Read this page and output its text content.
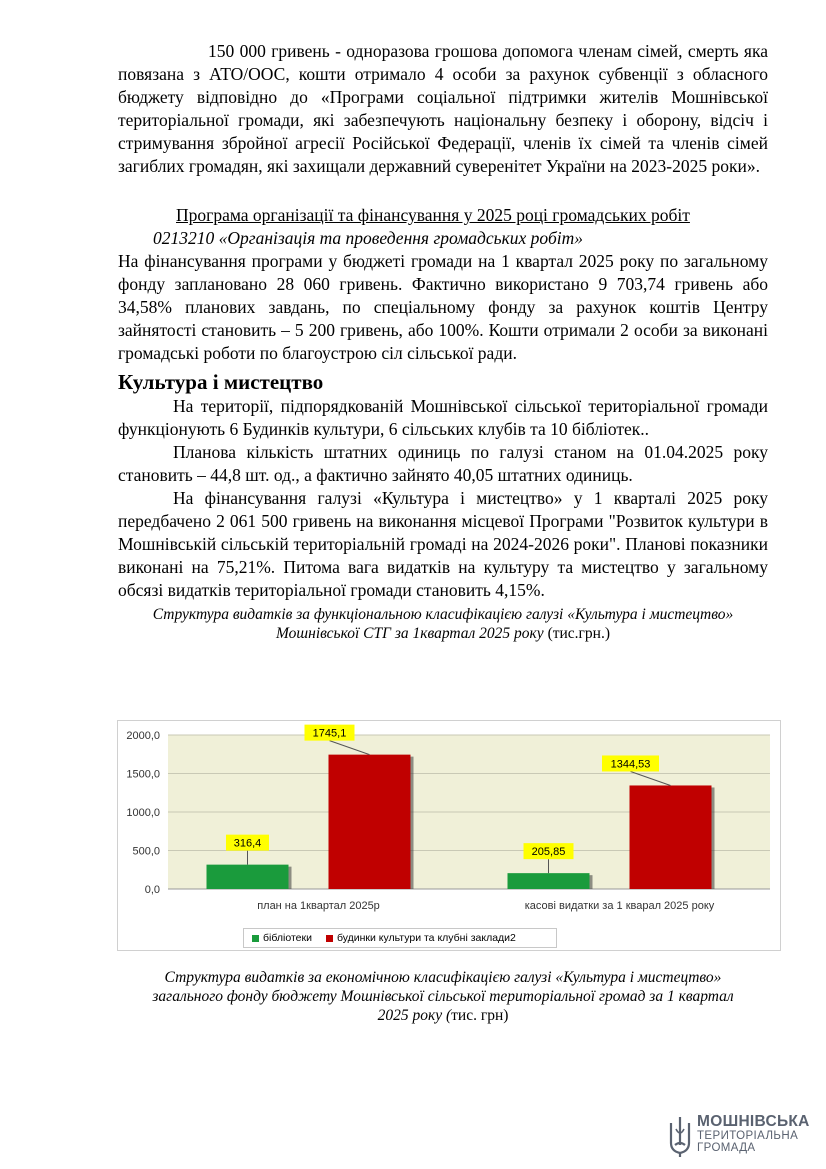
150 000 гривень - одноразова грошова допомога членам сімей, смерть яка повязана з АТО/ООС, кошти отримало 4 особи за рахунок субвенції з обласного бюджету відповідно до «Програми соціальної підтримки жителів Мошнівської територіальної громади, які забезпечують національну безпеку і оборону, відсіч і стримування збройної агресії Російської Федерації, членів їх сімей та членів сімей загиблих громадян, які захищали державний суверенітет України на 2023-2025 роки».

Програма організації та фінансування у 2025 році громадських робіт

0213210 «Організація та проведення громадських робіт»

На фінансування програми у бюджеті громади на 1 квартал 2025 року по загальному фонду заплановано 28 060 гривень. Фактично використано 9 703,74 гривень або 34,58% планових завдань, по спеціальному фонду за рахунок коштів Центру зайнятості становить – 5 200 гривень, або 100%. Кошти отримали 2 особи за виконані громадські роботи по благоустрою сіл сільської ради.

Культура і мистецтво

На території, підпорядкованій Мошнівської сільської територіальної громади функціонують 6 Будинків культури, 6 сільських клубів та 10 бібліотек..

Планова кількість штатних одиниць по галузі станом на 01.04.2025 року становить – 44,8 шт. од., а фактично зайнято 40,05 штатних одиниць.

На фінансування галузі «Культура і мистецтво» у 1 кварталі 2025 року передбачено 2 061 500 гривень на виконання місцевої Програми "Розвиток культури в Мошнівській сільській територіальній громаді на 2024-2026 роки". Планові показники виконані на 75,21%. Питома вага видатків на культуру та мистецтво у загальному обсязі видатків територіальної громади становить 4,15%.

Структура видатків за функціональною класифікацією галузі «Культура і мистецтво»
Мошнівської СТГ за 1квартал 2025 року (тис.грн.)
0,0
500,0
1000,0
1500,0
2000,0
план на 1квартал 2025р
316,4
1745,1
касові видатки за 1 кварал 2025 року
205,85
1344,53
бібліотеки будинки культури та клубні заклади2
Структура видатків за економічною класифікацією галузі «Культура і мистецтво»
загального фонду бюджету Мошнівської сільської територіальної громад за 1 квартал
2025 року (тис. грн)
МОШНІВСЬКА
ТЕРИТОРІАЛЬНА
ГРОМАДА
